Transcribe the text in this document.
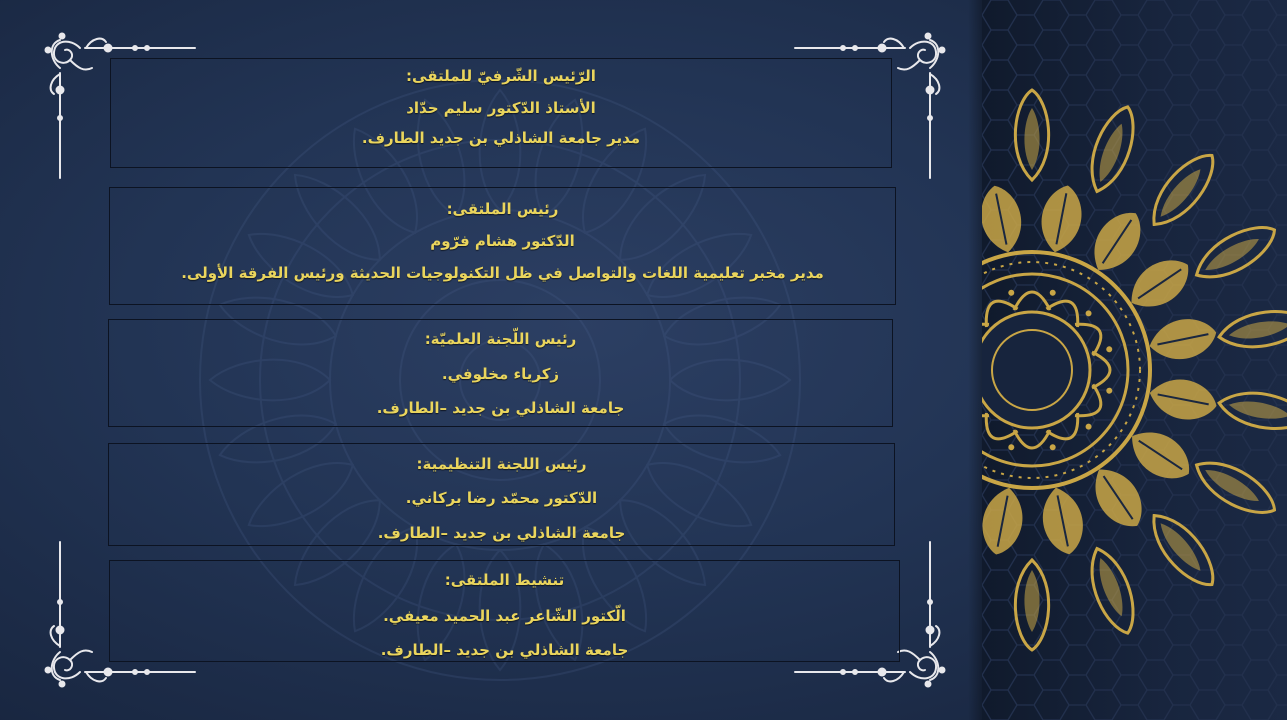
الرّئيس الشّرفيّ للملتقى:
الأستاذ الدّكتور سليم حدّاد
مدير جامعة الشاذلي بن جديد الطارف.
رئيس الملتقى:
الدّكتور هشام فرّوم
مدير مخبر تعليمية اللغات والتواصل في ظل التكنولوجيات الحديثة ورئيس الفرقة الأولى.
رئيس اللّجنة العلميّة:
زكرياء مخلوفي.
جامعة الشاذلي بن جديد –الطارف.
رئيس اللجنة التنظيمية:
الدّكتور محمّد رضا بركاني.
جامعة الشاذلي بن جديد –الطارف.
تنشيط الملتقى:
الّكتور الشّاعر عبد الحميد معيفي.
جامعة الشاذلي بن جديد –الطارف.
